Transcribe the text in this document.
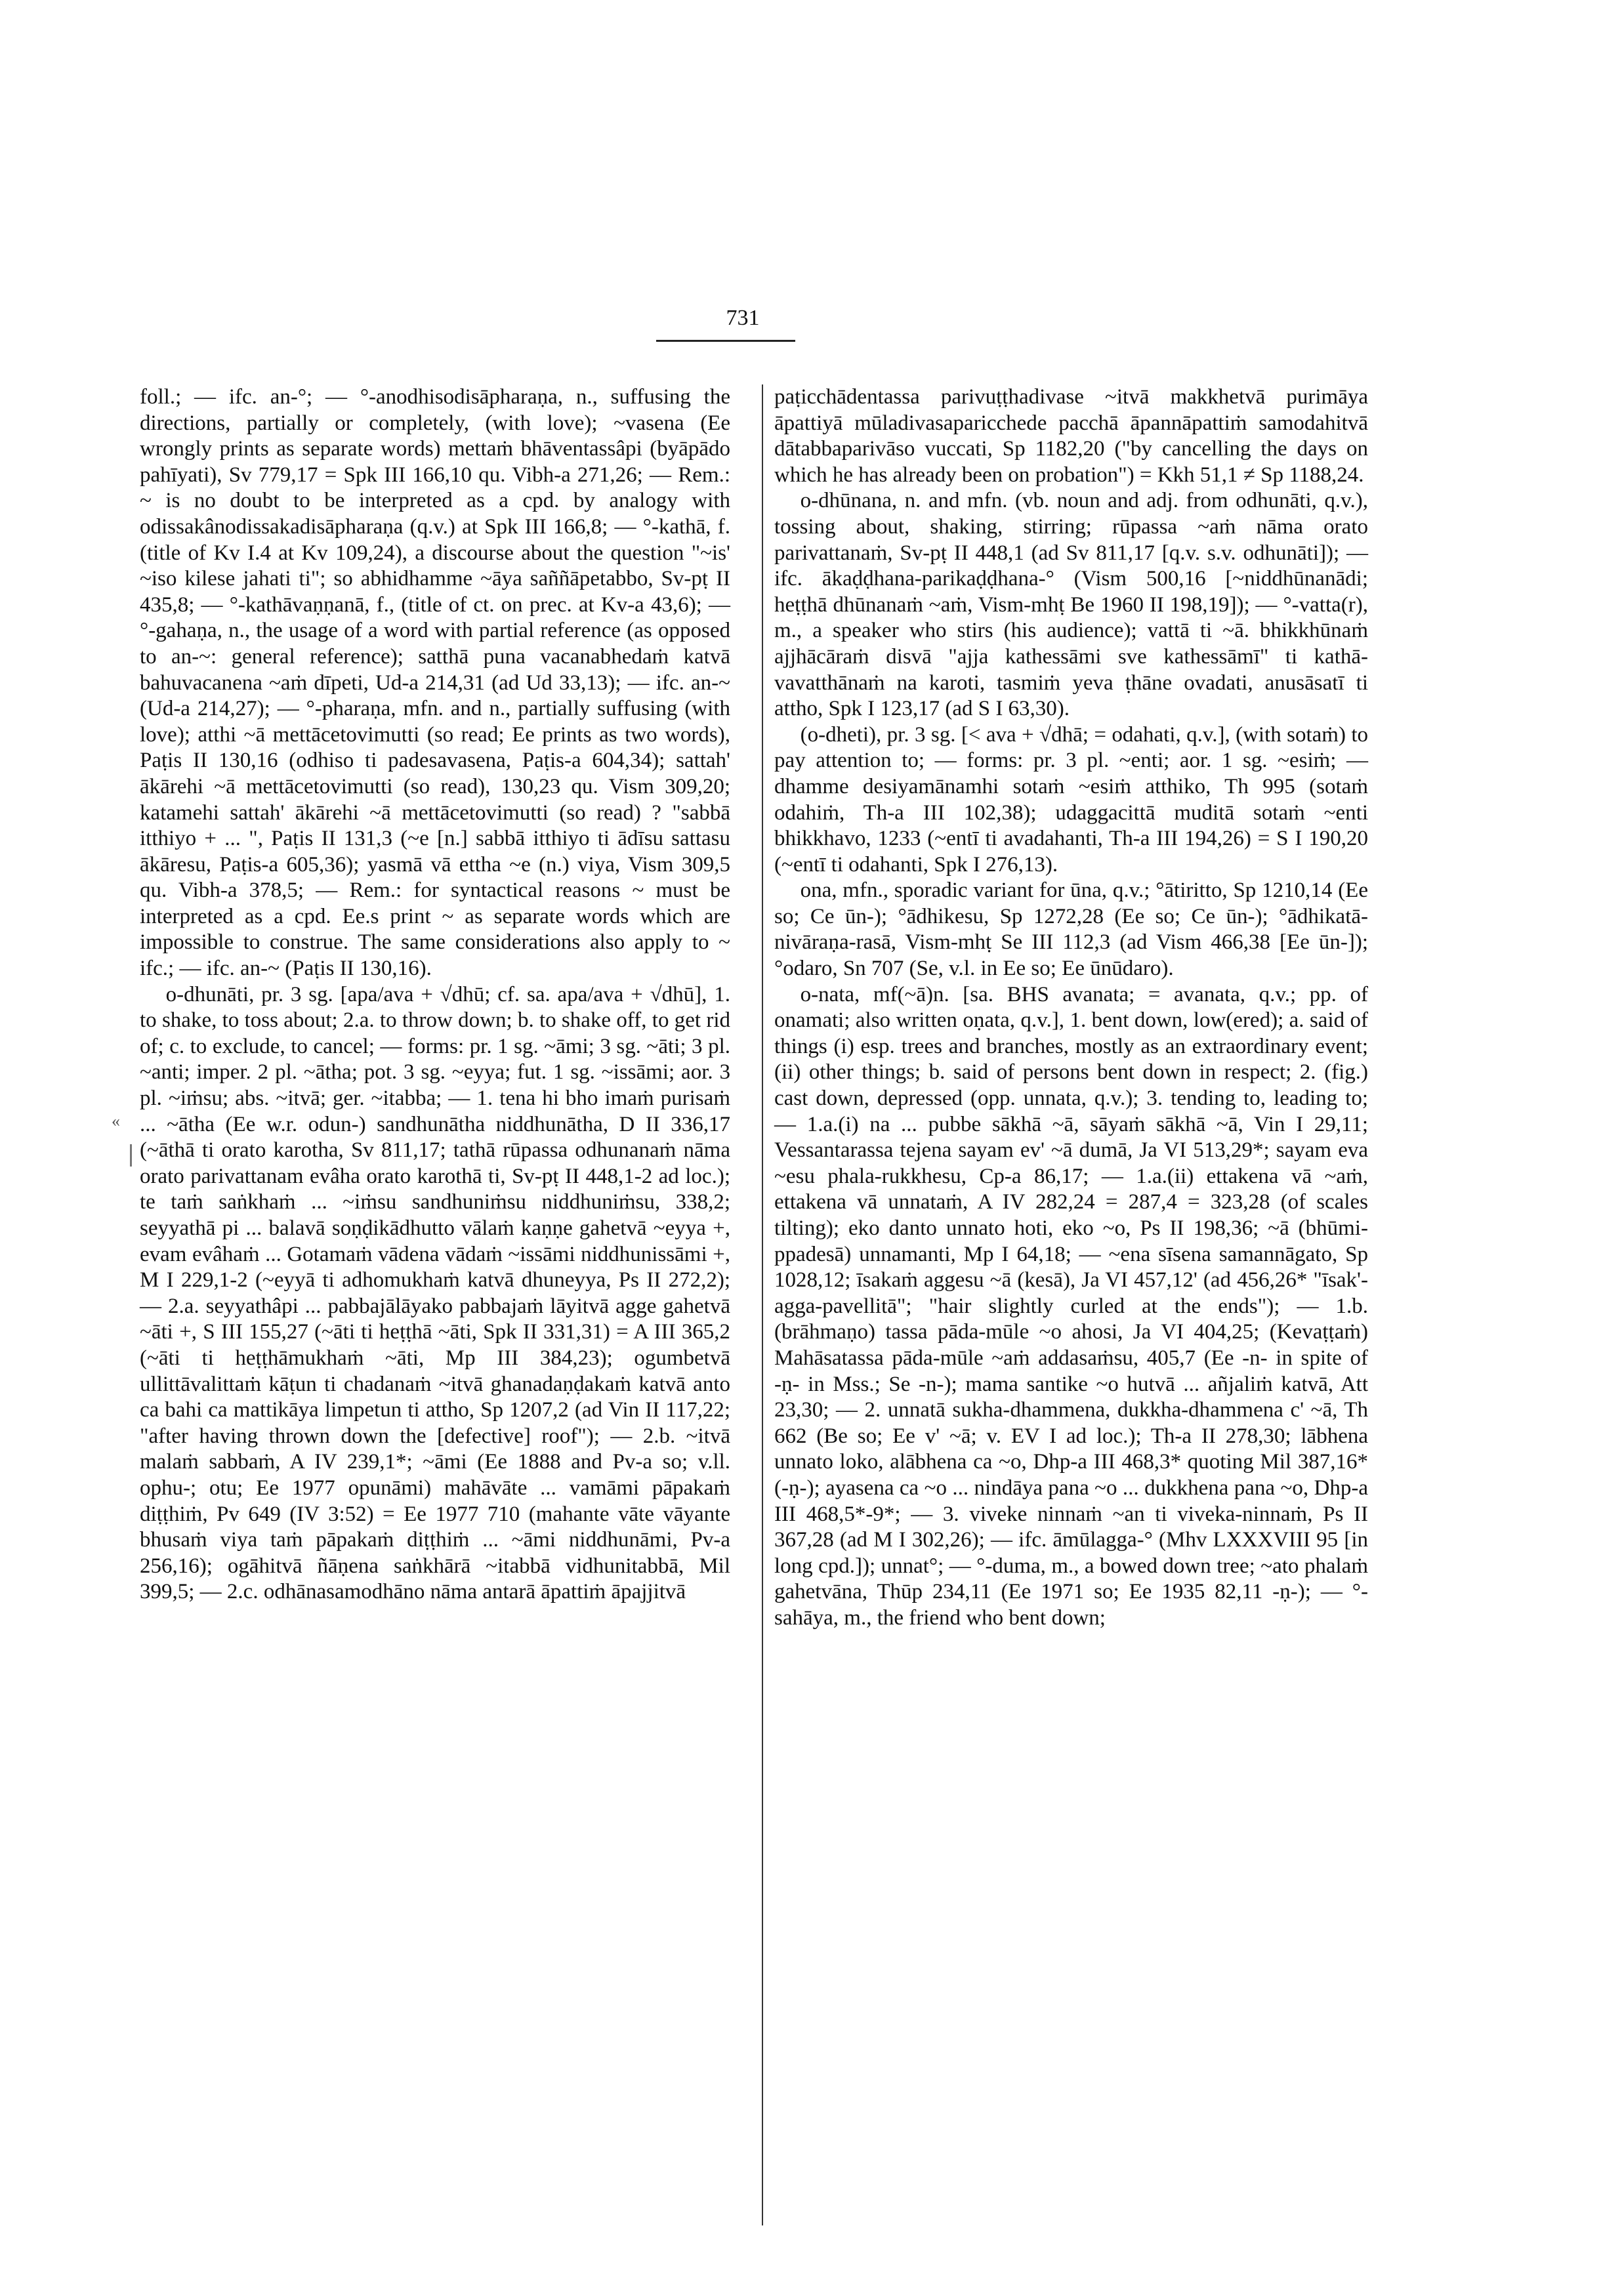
731
«

foll.; — ifc. an-°; — °-anodhisodisāpharaṇa, n., suffusing the directions, partially or completely, (with love); ~vasena (Ee wrongly prints as separate words) mettaṁ bhāventassâpi (byāpādo pahīyati), Sv 779,17 = Spk III 166,10 qu. Vibh-a 271,26; — Rem.: ~ is no doubt to be interpreted as a cpd. by analogy with odissakânodissakadisāpharaṇa (q.v.) at Spk III 166,8; — °-kathā, f. (title of Kv I.4 at Kv 109,24), a discourse about the question "~is' ~iso kilese jahati ti"; so abhidhamme ~āya saññāpetabbo, Sv-pṭ II 435,8; — °-kathāvaṇṇanā, f., (title of ct. on prec. at Kv-a 43,6); — °-gahaṇa, n., the usage of a word with partial reference (as opposed to an-~: general reference); satthā puna vacanabhedaṁ katvā bahuvacanena ~aṁ dīpeti, Ud-a 214,31 (ad Ud 33,13); — ifc. an-~ (Ud-a 214,27); — °-pharaṇa, mfn. and n., partially suffusing (with love); atthi ~ā mettācetovimutti (so read; Ee prints as two words), Paṭis II 130,16 (odhiso ti padesavasena, Paṭis-a 604,34); sattah' ākārehi ~ā mettācetovimutti (so read), 130,23 qu. Vism 309,20; katamehi sattah' ākārehi ~ā mettācetovimutti (so read) ? "sabbā itthiyo + ... ", Paṭis II 131,3 (~e [n.] sabbā itthiyo ti ādīsu sattasu ākāresu, Paṭis-a 605,36); yasmā vā ettha ~e (n.) viya, Vism 309,5 qu. Vibh-a 378,5; — Rem.: for syntactical reasons ~ must be interpreted as a cpd. Ee.s print ~ as separate words which are impossible to construe. The same considerations also apply to ~ ifc.; — ifc. an-~ (Paṭis II 130,16).

o-dhunāti, pr. 3 sg. [apa/ava + √dhū; cf. sa. apa/ava + √dhū], 1. to shake, to toss about; 2.a. to throw down; b. to shake off, to get rid of; c. to exclude, to cancel; — forms: pr. 1 sg. ~āmi; 3 sg. ~āti; 3 pl. ~anti; imper. 2 pl. ~ātha; pot. 3 sg. ~eyya; fut. 1 sg. ~issāmi; aor. 3 pl. ~iṁsu; abs. ~itvā; ger. ~itabba; — 1. tena hi bho imaṁ purisaṁ ... ~ātha (Ee w.r. odun-) sandhunātha niddhunātha, D II 336,17 (~āthā ti orato karotha, Sv 811,17; tathā rūpassa odhunanaṁ nāma orato parivattanam evâha orato karothā ti, Sv-pṭ II 448,1-2 ad loc.); te taṁ saṅkhaṁ ... ~iṁsu sandhuniṁsu niddhuniṁsu, 338,2; seyyathā pi ... balavā soṇḍikādhutto vālaṁ kaṇṇe gahetvā ~eyya +, evam evâhaṁ ... Gotamaṁ vādena vādaṁ ~issāmi niddhunissāmi +, M I 229,1-2 (~eyyā ti adhomukhaṁ katvā dhuneyya, Ps II 272,2); — 2.a. seyyathâpi ... pabbajālāyako pabbajaṁ lāyitvā agge gahetvā ~āti +, S III 155,27 (~āti ti heṭṭhā ~āti, Spk II 331,31) = A III 365,2 (~āti ti heṭṭhāmukhaṁ ~āti, Mp III 384,23); ogumbetvā ullittāvalittaṁ kāṭun ti chadanaṁ ~itvā ghanadaṇḍakaṁ katvā anto ca bahi ca mattikāya limpetun ti attho, Sp 1207,2 (ad Vin II 117,22; "after having thrown down the [defective] roof"); — 2.b. ~itvā malaṁ sabbaṁ, A IV 239,1*; ~āmi (Ee 1888 and Pv-a so; v.ll. ophu-; otu; Ee 1977 opunāmi) mahāvāte ... vamāmi pāpakaṁ diṭṭhiṁ, Pv 649 (IV 3:52) = Ee 1977 710 (mahante vāte vāyante bhusaṁ viya taṁ pāpakaṁ diṭṭhiṁ ... ~āmi niddhunāmi, Pv-a 256,16); ogāhitvā ñāṇena saṅkhārā ~itabbā vidhunitabbā, Mil 399,5; — 2.c. odhānasamodhāno nāma antarā āpattiṁ āpajjitvā

paṭicchādentassa parivuṭṭhadivase ~itvā makkhetvā purimāya āpattiyā mūladivasaparicchede pacchā āpannāpattiṁ samodahitvā dātabbaparivāso vuccati, Sp 1182,20 ("by cancelling the days on which he has already been on probation") = Kkh 51,1 ≠ Sp 1188,24.

o-dhūnana, n. and mfn. (vb. noun and adj. from odhunāti, q.v.), tossing about, shaking, stirring; rūpassa ~aṁ nāma orato parivattanaṁ, Sv-pṭ II 448,1 (ad Sv 811,17 [q.v. s.v. odhunāti]); — ifc. ākaḍḍhana-parikaḍḍhana-° (Vism 500,16 [~niddhūnanādi; heṭṭhā dhūnanaṁ ~aṁ, Vism-mhṭ Be 1960 II 198,19]); — °-vatta(r), m., a speaker who stirs (his audience); vattā ti ~ā. bhikkhūnaṁ ajjhācāraṁ disvā "ajja kathessāmi sve kathessāmī" ti kathā-vavatthānaṁ na karoti, tasmiṁ yeva ṭhāne ovadati, anusāsatī ti attho, Spk I 123,17 (ad S I 63,30).

(o-dheti), pr. 3 sg. [< ava + √dhā; = odahati, q.v.], (with sotaṁ) to pay attention to; — forms: pr. 3 pl. ~enti; aor. 1 sg. ~esiṁ; — dhamme desiyamānamhi sotaṁ ~esiṁ atthiko, Th 995 (sotaṁ odahiṁ, Th-a III 102,38); udaggacittā muditā sotaṁ ~enti bhikkhavo, 1233 (~entī ti avadahanti, Th-a III 194,26) = S I 190,20 (~entī ti odahanti, Spk I 276,13).

ona, mfn., sporadic variant for ūna, q.v.; °ātiritto, Sp 1210,14 (Ee so; Ce ūn-); °ādhikesu, Sp 1272,28 (Ee so; Ce ūn-); °ādhikatā-nivāraṇa-rasā, Vism-mhṭ Se III 112,3 (ad Vism 466,38 [Ee ūn-]); °odaro, Sn 707 (Se, v.l. in Ee so; Ee ūnūdaro).

o-nata, mf(~ā)n. [sa. BHS avanata; = avanata, q.v.; pp. of onamati; also written oṇata, q.v.], 1. bent down, low(ered); a. said of things (i) esp. trees and branches, mostly as an extraordinary event; (ii) other things; b. said of persons bent down in respect; 2. (fig.) cast down, depressed (opp. unnata, q.v.); 3. tending to, leading to; — 1.a.(i) na ... pubbe sākhā ~ā, sāyaṁ sākhā ~ā, Vin I 29,11; Vessantarassa tejena sayam ev' ~ā dumā, Ja VI 513,29*; sayam eva ~esu phala-rukkhesu, Cp-a 86,17; — 1.a.(ii) ettakena vā ~aṁ, ettakena vā unnataṁ, A IV 282,24 = 287,4 = 323,28 (of scales tilting); eko danto unnato hoti, eko ~o, Ps II 198,36; ~ā (bhūmi-ppadesā) unnamanti, Mp I 64,18; — ~ena sīsena samannāgato, Sp 1028,12; īsakaṁ aggesu ~ā (kesā), Ja VI 457,12' (ad 456,26* "īsak'-agga-pavellitā"; "hair slightly curled at the ends"); — 1.b. (brāhmaṇo) tassa pāda-mūle ~o ahosi, Ja VI 404,25; (Kevaṭṭaṁ) Mahāsatassa pāda-mūle ~aṁ addasaṁsu, 405,7 (Ee -n- in spite of -ṇ- in Mss.; Se -n-); mama santike ~o hutvā ... añjaliṁ katvā, Att 23,30; — 2. unnatā sukha-dhammena, dukkha-dhammena c' ~ā, Th 662 (Be so; Ee v' ~ā; v. EV I ad loc.); Th-a II 278,30; lābhena unnato loko, alābhena ca ~o, Dhp-a III 468,3* quoting Mil 387,16* (-ṇ-); ayasena ca ~o ... nindāya pana ~o ... dukkhena pana ~o, Dhp-a III 468,5*-9*; — 3. viveke ninnaṁ ~an ti viveka-ninnaṁ, Ps II 367,28 (ad M I 302,26); — ifc. āmūlagga-° (Mhv LXXXVIII 95 [in long cpd.]); unnat°; — °-duma, m., a bowed down tree; ~ato phalaṁ gahetvāna, Thūp 234,11 (Ee 1971 so; Ee 1935 82,11 -ṇ-); — °-sahāya, m., the friend who bent down;
